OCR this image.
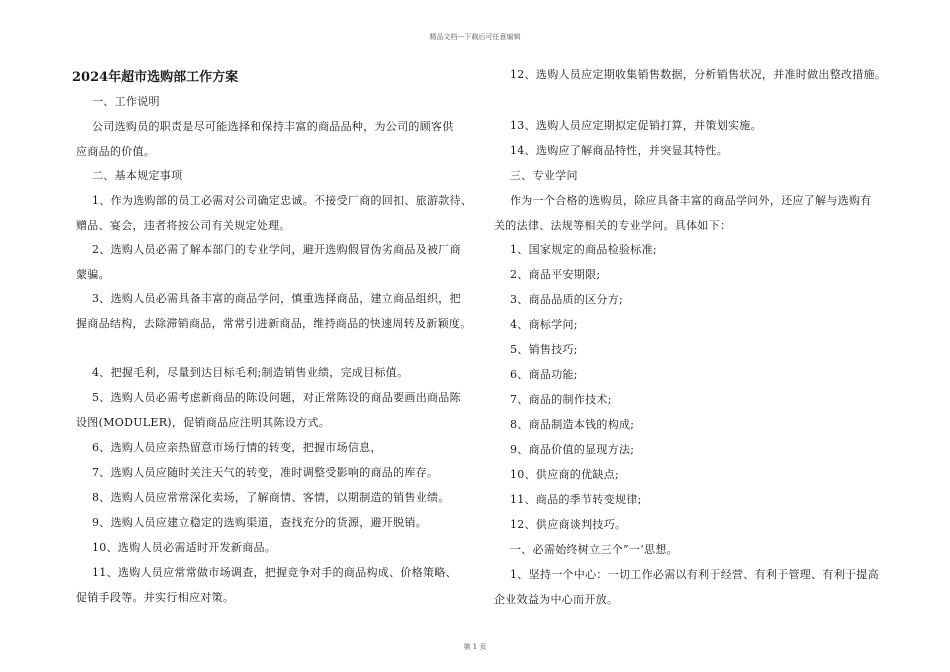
精品文档---下载后可任意编辑
2024年超市选购部工作方案
一、工作说明
公司选购员的职责是尽可能选择和保持丰富的商品品种，为公司的顾客供
应商品的价值。
二、基本规定事项
1、作为选购部的员工必需对公司确定忠诚。不接受厂商的回扣、旅游款待、
赠品、宴会，违者将按公司有关规定处理。
2、选购人员必需了解本部门的专业学问，避开选购假冒伪劣商品及被厂商
蒙骗。
3、选购人员必需具备丰富的商品学问，慎重选择商品，建立商品组织，把
握商品结构，去除滞销商品，常常引进新商品，维持商品的快速周转及新颖度。
4、把握毛利，尽量到达目标毛利;制造销售业绩，完成目标值。
5、选购人员必需考虑新商品的陈设问题，对正常陈设的商品要画出商品陈
设图(MODULER)，促销商品应注明其陈设方式。
6、选购人员应亲热留意市场行情的转变，把握市场信息，
7、选购人员应随时关注天气的转变，准时调整受影响的商品的库存。
8、选购人员应常常深化卖场，了解商情、客情，以期制造的销售业绩。
9、选购人员应建立稳定的选购渠道，查找充分的货源，避开脱销。
10、选购人员必需适时开发新商品。
11、选购人员应常常做市场调查，把握竞争对手的商品构成、价格策略、
促销手段等。并实行相应对策。
12、选购人员应定期收集销售数据，分析销售状况，并准时做出整改措施。
13、选购人员应定期拟定促销打算，并策划实施。
14、选购应了解商品特性，并突显其特性。
三、专业学问
作为一个合格的选购员，除应具备丰富的商品学问外，还应了解与选购有
关的法律、法规等相关的专业学问。具体如下：
1、国家规定的商品检验标准;
2、商品平安期限;
3、商品品质的区分方;
4、商标学问;
5、销售技巧;
6、商品功能;
7、商品的制作技术;
8、商品制造本钱的构成;
9、商品价值的显现方法;
10、供应商的优缺点;
11、商品的季节转变规律;
12、供应商谈判技巧。
一、必需始终树立三个”一’思想。
1、坚持一个中心：一切工作必需以有利于经营、有利于管理、有利于提高
企业效益为中心而开放。
第 1 页
